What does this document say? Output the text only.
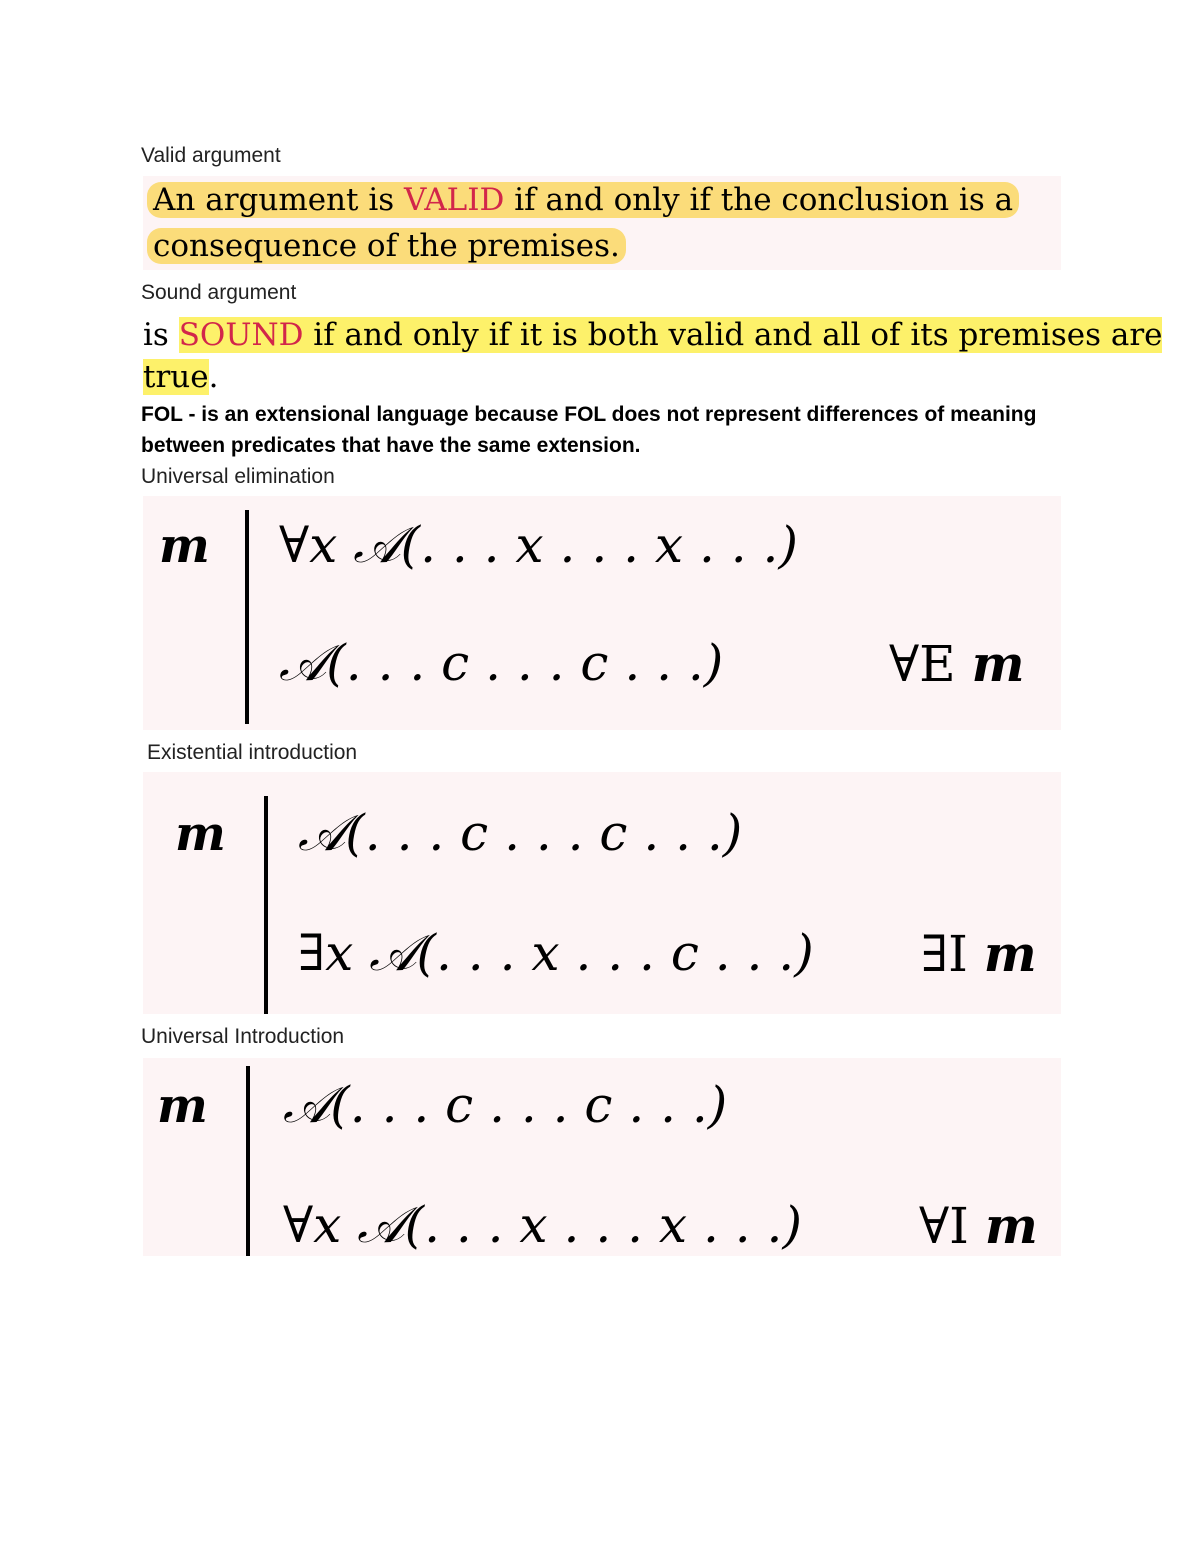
Valid argument
An argument is VALID if and only if the conclusion is a
consequence of the premises.
Sound argument
is SOUND if and only if it is both valid and all of its premises are
true.
FOL - is an extensional language because FOL does not represent differences of meaning between predicates that have the same extension.
Universal elimination
m ∀x 𝒜(. . . x . . . x . . .)
𝒜(. . . c . . . c . . .)	∀E m
Existential introduction
m 𝒜(. . . c . . . c . . .)
∃x 𝒜(. . . x . . . c . . .) ∃I m
Universal Introduction
m 𝒜(. . . c . . . c . . .)
∀x 𝒜(. . . x . . . x . . .) ∀I m
